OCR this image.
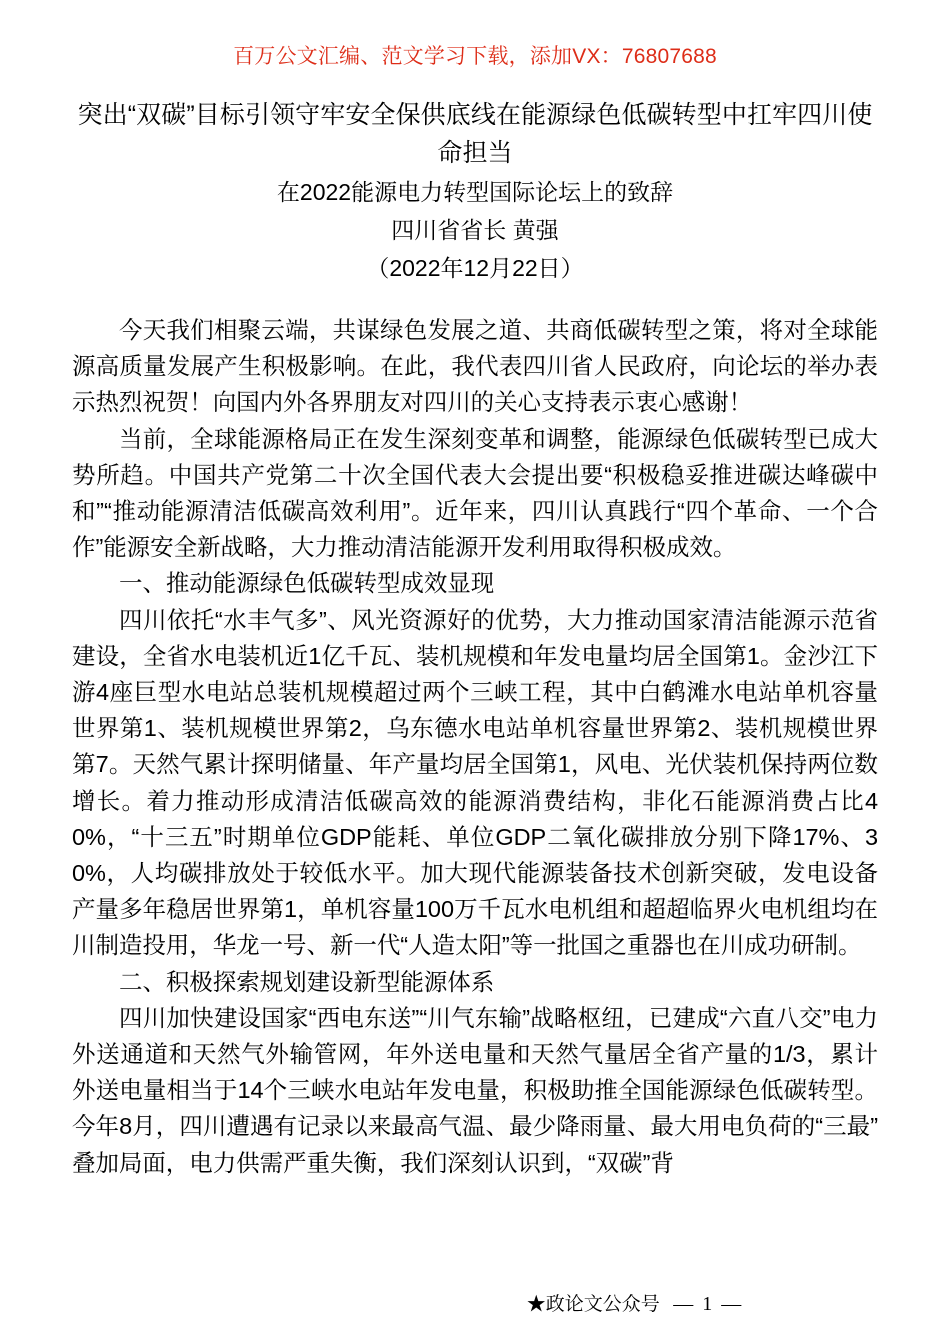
百万公文汇编、范文学习下载，添加VX：76807688
突出“双碳”目标引领守牢安全保供底线在能源绿色低碳转型中扛牢四川使命担当
在2022能源电力转型国际论坛上的致辞
四川省省长 黄强
（2022年12月22日）

今天我们相聚云端，共谋绿色发展之道、共商低碳转型之策，将对全球能源高质量发展产生积极影响。在此，我代表四川省人民政府，向论坛的举办表示热烈祝贺！向国内外各界朋友对四川的关心支持表示衷心感谢！

当前，全球能源格局正在发生深刻变革和调整，能源绿色低碳转型已成大势所趋。中国共产党第二十次全国代表大会提出要“积极稳妥推进碳达峰碳中和”“推动能源清洁低碳高效利用”。近年来，四川认真践行“四个革命、一个合作”能源安全新战略，大力推动清洁能源开发利用取得积极成效。

一、推动能源绿色低碳转型成效显现

四川依托“水丰气多”、风光资源好的优势，大力推动国家清洁能源示范省建设，全省水电装机近1亿千瓦、装机规模和年发电量均居全国第1。金沙江下游4座巨型水电站总装机规模超过两个三峡工程，其中白鹤滩水电站单机容量世界第1、装机规模世界第2，乌东德水电站单机容量世界第2、装机规模世界第7。天然气累计探明储量、年产量均居全国第1，风电、光伏装机保持两位数增长。着力推动形成清洁低碳高效的能源消费结构，非化石能源消费占比40%，“十三五”时期单位GDP能耗、单位GDP二氧化碳排放分别下降17%、30%，人均碳排放处于较低水平。加大现代能源装备技术创新突破，发电设备产量多年稳居世界第1，单机容量100万千瓦水电机组和超超临界火电机组均在川制造投用，华龙一号、新一代“人造太阳”等一批国之重器也在川成功研制。

二、积极探索规划建设新型能源体系

四川加快建设国家“西电东送”“川气东输”战略枢纽，已建成“六直八交”电力外送通道和天然气外输管网，年外送电量和天然气量居全省产量的1/3，累计外送电量相当于14个三峡水电站年发电量，积极助推全国能源绿色低碳转型。今年8月，四川遭遇有记录以来最高气温、最少降雨量、最大用电负荷的“三最”叠加局面，电力供需严重失衡，我们深刻认识到，“双碳”背

★政论文公众号 — 1 —
